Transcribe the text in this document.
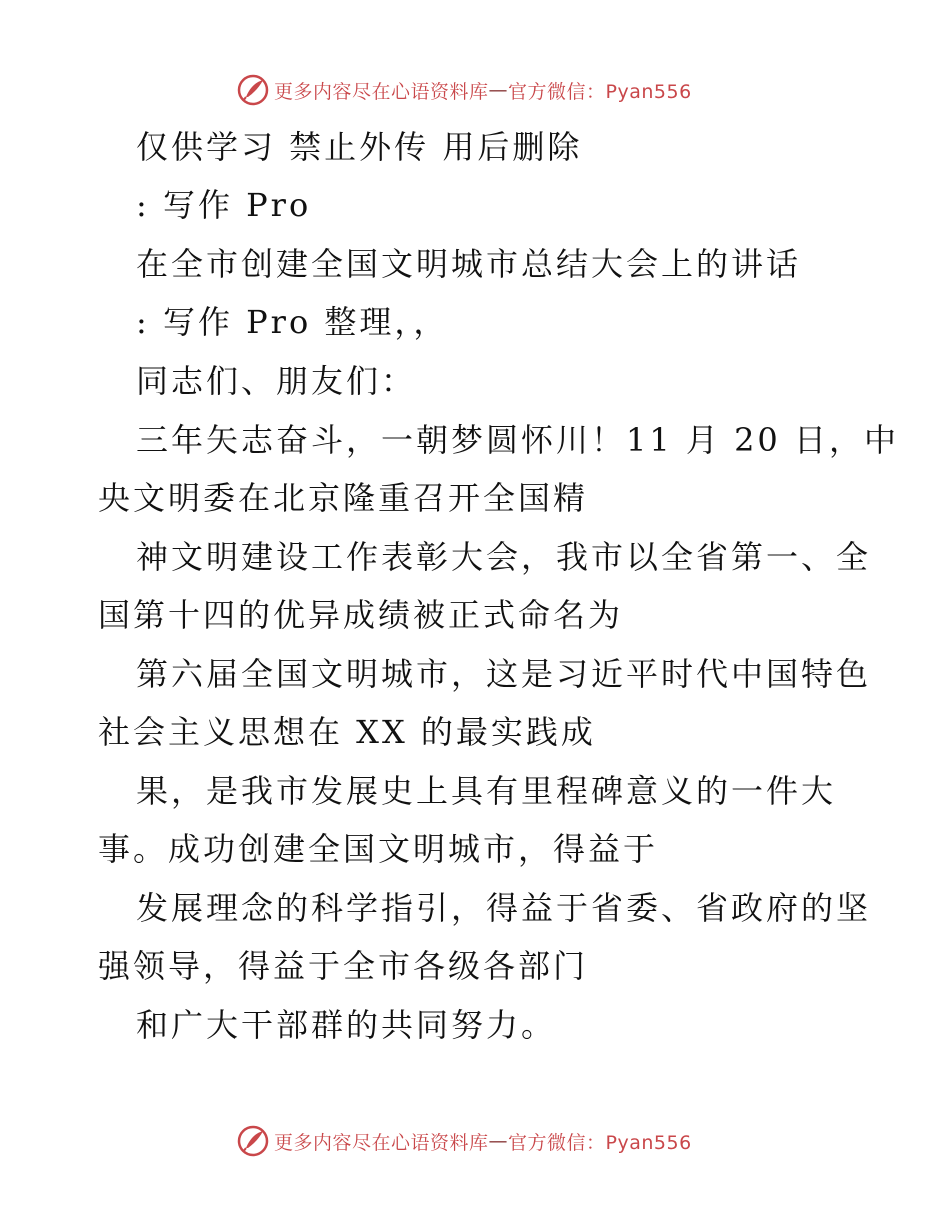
更多内容尽在心语资料库 — 官方微信：Pyan556
仅供学习 禁止外传 用后删除
: 写作 Pro
在全市创建全国文明城市总结大会上的讲话
: 写作 Pro 整理，，
同志们、朋友们：
三年矢志奋斗，一朝梦圆怀川！11 月 20 日，中
央文明委在北京隆重召开全国精
神文明建设工作表彰大会，我市以全省第一、全
国第十四的优异成绩被正式命名为
第六届全国文明城市，这是习近平时代中国特色
社会主义思想在 XX 的最实践成
果，是我市发展史上具有里程碑意义的一件大
事。成功创建全国文明城市，得益于
发展理念的科学指引，得益于省委、省政府的坚
强领导，得益于全市各级各部门
和广大干部群的共同努力。
更多内容尽在心语资料库 — 官方微信：Pyan556
